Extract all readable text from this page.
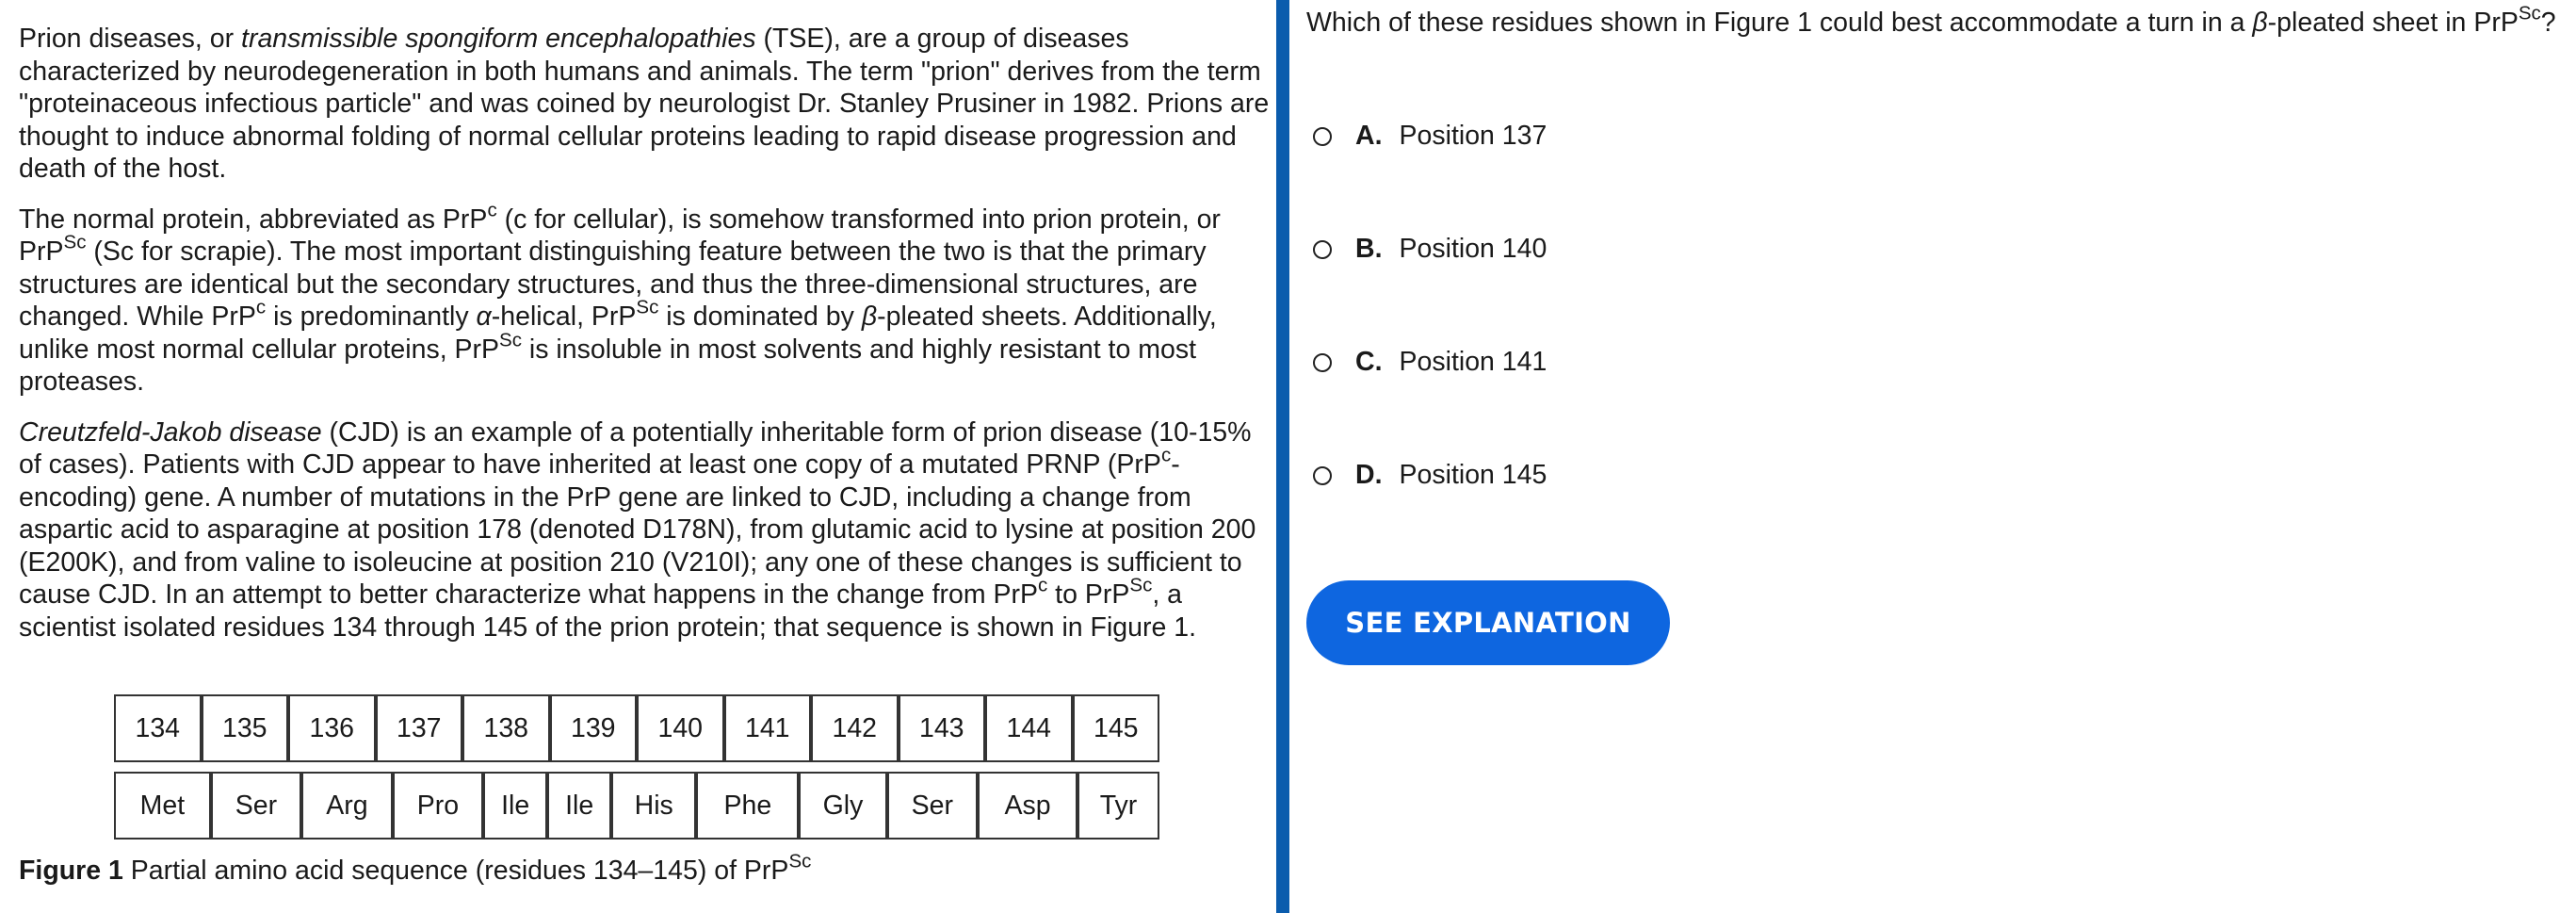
Prion diseases, or transmissible spongiform encephalopathies (TSE), are a group of diseases characterized by neurodegeneration in both humans and animals. The term "prion" derives from the term "proteinaceous infectious particle" and was coined by neurologist Dr. Stanley Prusiner in 1982. Prions are thought to induce abnormal folding of normal cellular proteins leading to rapid disease progression and death of the host.

The normal protein, abbreviated as PrP$^c$ (c for cellular), is somehow transformed into prion protein, or PrP$^{Sc}$ (Sc for scrapie). The most important distinguishing feature between the two is that the primary structures are identical but the secondary structures, and thus the three-dimensional structures, are changed. While PrP$^c$ is predominantly α-helical, PrP$^{Sc}$ is dominated by β-pleated sheets. Additionally, unlike most normal cellular proteins, PrP$^{Sc}$ is insoluble in most solvents and highly resistant to most proteases.

Creutzfeld-Jakob disease (CJD) is an example of a potentially inheritable form of prion disease (10-15% of cases). Patients with CJD appear to have inherited at least one copy of a mutated PRNP (PrP$^c$-encoding) gene. A number of mutations in the PrP gene are linked to CJD, including a change from aspartic acid to asparagine at position 178 (denoted D178N), from glutamic acid to lysine at position 200 (E200K), and from valine to isoleucine at position 210 (V210I); any one of these changes is sufficient to cause CJD. In an attempt to better characterize what happens in the change from PrP$^c$ to PrP$^{Sc}$, a scientist isolated residues 134 through 145 of the prion protein; that sequence is shown in Figure 1.

134	135	136	137	138	139	140	141	142	143	144	145
Met	Ser	Arg	Pro	Ile	Ile	His	Phe	Gly	Ser	Asp	Tyr
Figure 1 Partial amino acid sequence (residues 134–145) of PrP$^{Sc}$
Which of these residues shown in Figure 1 could best accommodate a turn in a β-pleated sheet in PrP$^{Sc}$?
A. Position 137
B. Position 140
C. Position 141
D. Position 145
SEE EXPLANATION
